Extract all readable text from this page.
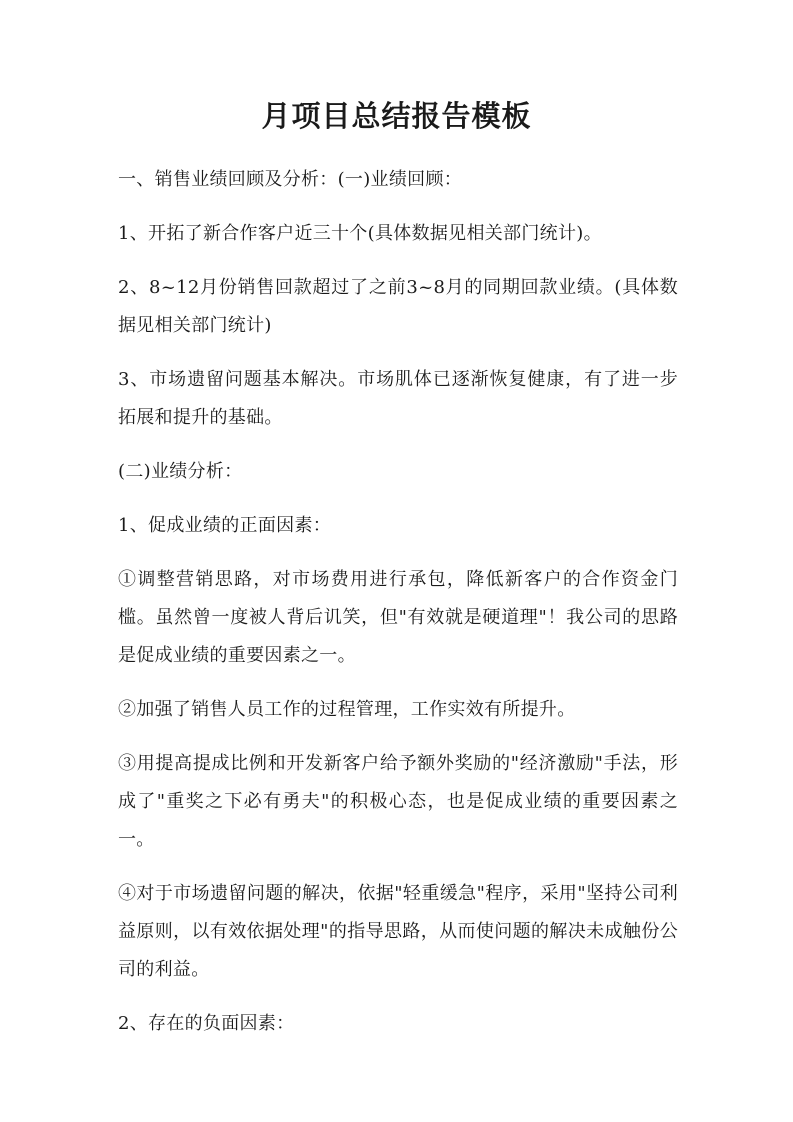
月项目总结报告模板

一、销售业绩回顾及分析：(一)业绩回顾：

1、开拓了新合作客户近三十个(具体数据见相关部门统计)。

2、8~12月份销售回款超过了之前3~8月的同期回款业绩。(具体数据见相关部门统计)

3、市场遗留问题基本解决。市场肌体已逐渐恢复健康，有了进一步拓展和提升的基础。

(二)业绩分析：

1、促成业绩的正面因素：

①调整营销思路，对市场费用进行承包，降低新客户的合作资金门槛。虽然曾一度被人背后讥笑，但"有效就是硬道理"！我公司的思路是促成业绩的重要因素之一。

②加强了销售人员工作的过程管理，工作实效有所提升。

③用提高提成比例和开发新客户给予额外奖励的"经济激励"手法，形成了"重奖之下必有勇夫"的积极心态，也是促成业绩的重要因素之一。

④对于市场遗留问题的解决，依据"轻重缓急"程序，采用"坚持公司利益原则，以有效依据处理"的指导思路，从而使问题的解决未成触份公司的利益。

2、存在的负面因素：
